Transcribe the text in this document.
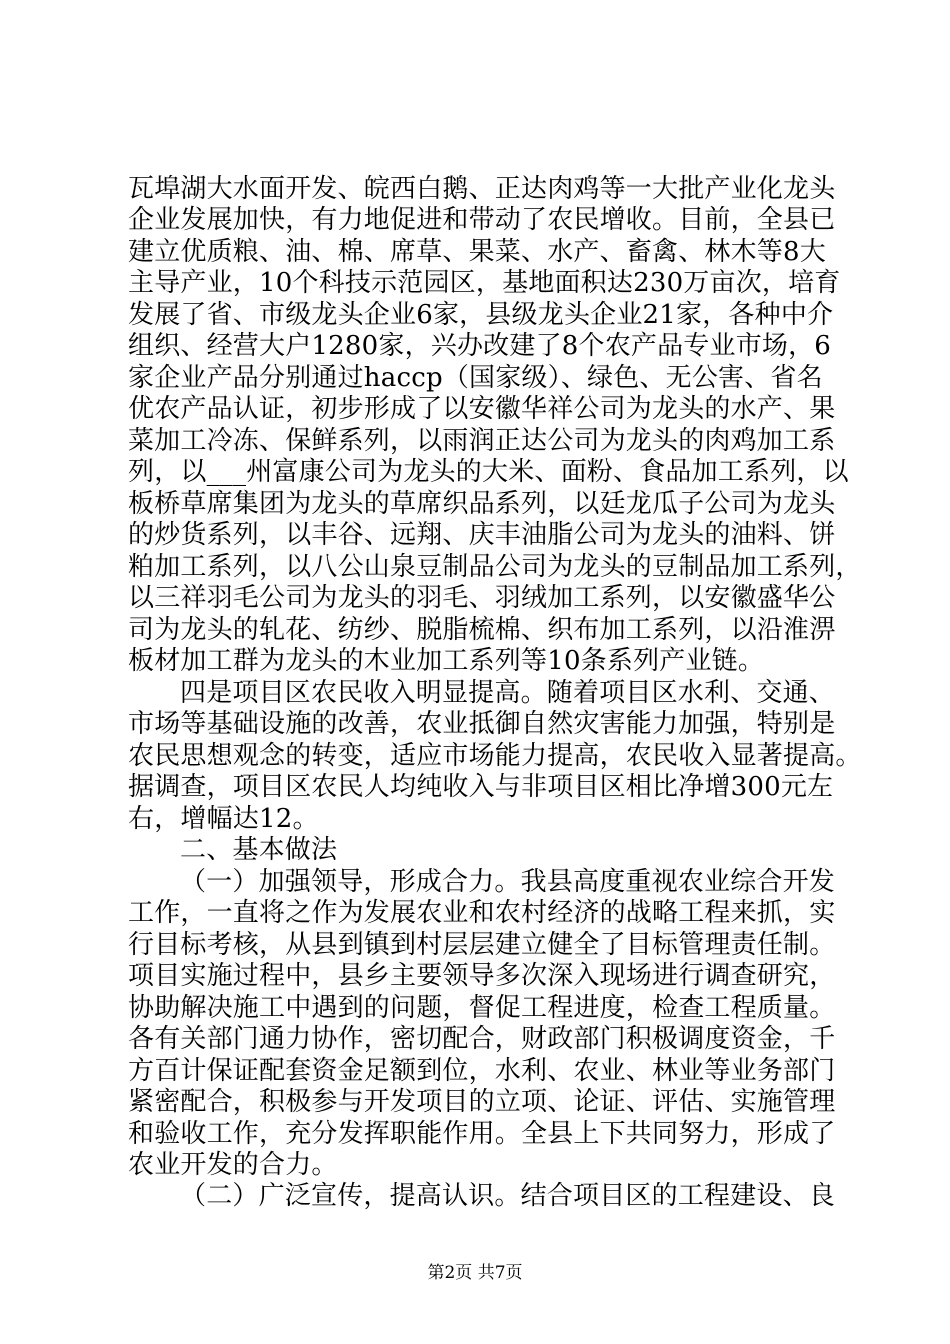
瓦埠湖大水面开发、皖西白鹅、正达肉鸡等一大批产业化龙头
企业发展加快，有力地促进和带动了农民增收。目前，全县已
建立优质粮、油、棉、席草、果菜、水产、畜禽、林木等8大
主导产业，10个科技示范园区，基地面积达230万亩次，培育
发展了省、市级龙头企业6家，县级龙头企业21家，各种中介
组织、经营大户1280家，兴办改建了8个农产品专业市场，6
家企业产品分别通过haccp（国家级）、绿色、无公害、省名
优农产品认证，初步形成了以安徽华祥公司为龙头的水产、果
菜加工冷冻、保鲜系列，以雨润正达公司为龙头的肉鸡加工系
列，以___州富康公司为龙头的大米、面粉、食品加工系列，以
板桥草席集团为龙头的草席织品系列，以廷龙瓜子公司为龙头
的炒货系列，以丰谷、远翔、庆丰油脂公司为龙头的油料、饼
粕加工系列，以八公山泉豆制品公司为龙头的豆制品加工系列，
以三祥羽毛公司为龙头的羽毛、羽绒加工系列，以安徽盛华公
司为龙头的轧花、纺纱、脱脂梳棉、织布加工系列，以沿淮淠
板材加工群为龙头的木业加工系列等10条系列产业链。
四是项目区农民收入明显提高。随着项目区水利、交通、
市场等基础设施的改善，农业抵御自然灾害能力加强，特别是
农民思想观念的转变，适应市场能力提高，农民收入显著提高。
据调查，项目区农民人均纯收入与非项目区相比净增300元左
右，增幅达12。
二、基本做法
（一）加强领导，形成合力。我县高度重视农业综合开发
工作，一直将之作为发展农业和农村经济的战略工程来抓，实
行目标考核，从县到镇到村层层建立健全了目标管理责任制。
项目实施过程中，县乡主要领导多次深入现场进行调查研究，
协助解决施工中遇到的问题，督促工程进度，检查工程质量。
各有关部门通力协作，密切配合，财政部门积极调度资金，千
方百计保证配套资金足额到位，水利、农业、林业等业务部门
紧密配合，积极参与开发项目的立项、论证、评估、实施管理
和验收工作，充分发挥职能作用。全县上下共同努力，形成了
农业开发的合力。
（二）广泛宣传，提高认识。结合项目区的工程建设、良
第2页 共7页
